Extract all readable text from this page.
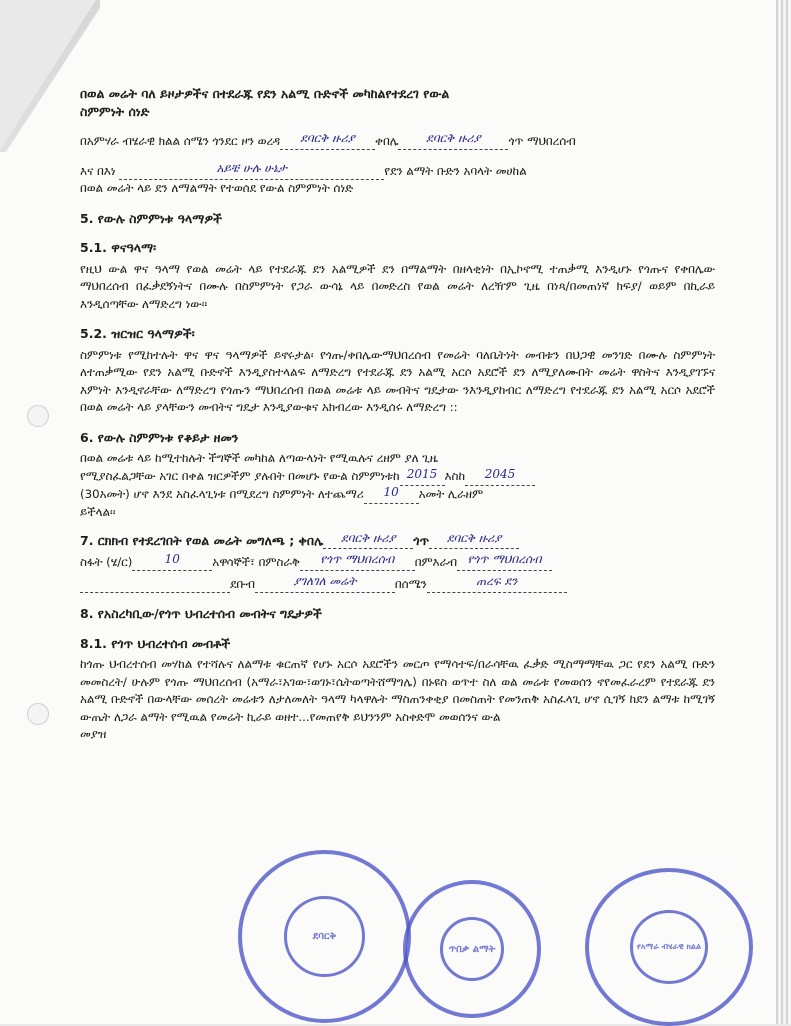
በወል መሬት ባለ ይዞታዎችና በተደራጁ የደን አልሚ ቡድኖች መካከልየተደረገ የውል
ስምምነት ሰነድ

በአምሃራ ብሄራዊ ክልል ሰሜን ጎንደር ዞን ወረዳ	ደባርቅ ዙሪያ	ቀበሌ	ደባርቅ ዙሪያ	ጎጥ ማህበረሰብ
እና በእነ
	አይቼ ሁሉ ሁኔታ	የደን ልማት ቡድን አባላት መሀከል

በወል መሬት ላይ ደን ለማልማት የተወሰደ የውል ስምምነት ሰነድ

5. የውሉ ስምምነቱ ዓላማዎች
5.1. ዋናዓላማ፡

የዚህ ውል ዋና ዓላማ የወል መሬት ላይ የተደራጁ ደን አልሚዎች ደን በማልማት በዘላቂነት በኢኮኖሚ ተጠቃሚ እንዲሆኑ የጎጡና የቀበሌው ማህበረሰብ በፈቃደኝነትና በሙሉ በስምምነት የጋራ ውሳኔ ላይ በመድረስ የወል መሬት ለረዥም ጊዜ በነጻ/በመጠነኛ ክፍያ/ ወይም በኪራይ እንዲሰጣቸው ለማድረግ ነው፡፡

5.2. ዝርዝር ዓላማዎች፡

ስምምነቱ የሚከተሉት ዋና ዋና ዓላማዎች ይኖሩታል፡ የጎጡ/ቀበሌውማህበረሰብ የመሬት ባለቤትነት መብቱን በህጋዊ መንገድ በሙሉ ስምምነት ለተጠቃሚው የደን አልሚ ቡድኖች እንዲያስተላልፍ ለማድረግ የተደራጁ ደን አልሚ አርሶ አደሮች ደን ለሚያለሙበት መሬት ዋስትና እንዲያገኙና እምነት እንዲኖራቸው ለማድረግ የጎጡን ማህበረሰብ በወል መሬቱ ላይ መብትና ግዴታው ንእንዲያከብር ለማድረግ የተደራጁ ደን አልሚ አርሶ አደሮች በወል መሬት ላይ ያላቸውን መብትና ግዴታ እንዲያውቁና አክብረው እንዲሰሩ ለማድረግ ::

6. የውሉ ስምምነቱ የቆይታ ዘመን

በወል መሬቱ ላይ ከሚተከሉት ችግኞች መካከል ለጣውላነት የሚዉሉና ረዘም ያለ ጊዜ

የሚያስፈልጋቸው አገር በቀል ዝርዎችም ያሉበት በመሆኑ የውል ስምምነቱከ 2015 እስከ	2045
(30አመት) ሆኖ እንደ አስፈላጊነቱ በሚደረግ ስምምነት ለተጨማሪ	10	አመት ሊራዘም

ይችላል፡፡

7. ርክክብ የተደረገበት የወል መሬት መግለጫ ; ቀበሌ	ደባርቅ ዙሪያ	ጎጥ	ደባርቅ ዙሪያ
ስፋት (ሄ/ር)	10	አዋሳኞች፣ በምስራቅ	የጎጥ ማህበረሰብ	በምእራብ የጎጥ ማህበረሰብ
ደቡብ	ያገለገለ መሬት	በሰሜን	ጠረፍ ደን
8. የአስረካቢው/የጎጥ ህብረተሰብ መብትና ግዴታዎች
8.1. የጎጥ ህብረተሰብ መብቶች

ከጎጡ ህብረተሰብ መሃከል የተሻሉና ለልማቱ ቁርጠኛ የሆኑ አርሶ አደሮችን መርጦ የማሳተፍ/በራሳቸዉ ፈቃድ ሚስማማቸዉ ጋር የደን አልሚ ቡድን መመስረት/ ሁሉም የጎጡ ማህበረሰብ (አማራ፣አገው፣ወገኑ፣ሴትወጣትሸማግሌ) በኑዩስ ወጥተ ስለ ወል መሬቱ የመወሰን ኖየመፈራረም የተደራጁ ደን አልሚ ቡድኖች በውላቸው መሰረት መሬቱን ለታለመለት ዓላማ ካላዋሉት ማስጠንቀቂያ በመስጠት የመንጠቅ አስፈላጊ ሆኖ ሲገኝ ከደን ልማቱ ከሚገኝ ውጤት ለጋራ ልማት የሚዉል የመሬት ኪራይ ወዘተ...የመጠየቅ ይህንንም አስቀድሞ መወሰንና ውል

መያዝ

ደባርቅ
ጥበቃ ልማት	የአማራ ብሄራዊ ክልል
